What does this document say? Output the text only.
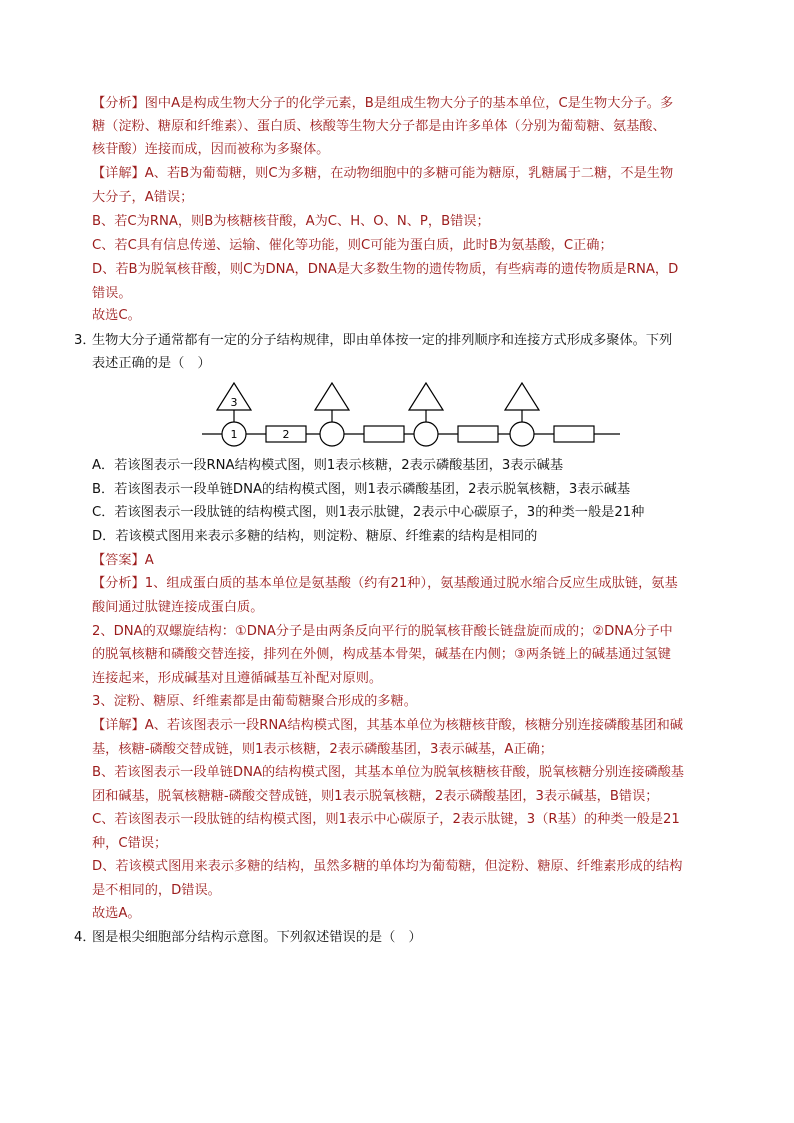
【分析】图中A是构成生物大分子的化学元素，B是组成生物大分子的基本单位，C是生物大分子。多
糖（淀粉、糖原和纤维素）、蛋白质、核酸等生物大分子都是由许多单体（分别为葡萄糖、氨基酸、
核苷酸）连接而成，因而被称为多聚体。
【详解】A、若B为葡萄糖，则C为多糖，在动物细胞中的多糖可能为糖原，乳糖属于二糖，不是生物
大分子，A错误；
B、若C为RNA，则B为核糖核苷酸，A为C、H、O、N、P，B错误；
C、若C具有信息传递、运输、催化等功能，则C可能为蛋白质，此时B为氨基酸，C正确；
D、若B为脱氧核苷酸，则C为DNA，DNA是大多数生物的遗传物质，有些病毒的遗传物质是RNA，D
错误。
故选C。
3．
生物大分子通常都有一定的分子结构规律，即由单体按一定的排列顺序和连接方式形成多聚体。下列
表述正确的是（　）
3
1	2
A．若该图表示一段RNA结构模式图，则1表示核糖，2表示磷酸基团，3表示碱基
B．若该图表示一段单链DNA的结构模式图，则1表示磷酸基团，2表示脱氧核糖，3表示碱基
C．若该图表示一段肽链的结构模式图，则1表示肽键，2表示中心碳原子，3的种类一般是21种
D．若该模式图用来表示多糖的结构，则淀粉、糖原、纤维素的结构是相同的
【答案】A
【分析】1、组成蛋白质的基本单位是氨基酸（约有21种），氨基酸通过脱水缩合反应生成肽链，氨基
酸间通过肽键连接成蛋白质。
2、DNA的双螺旋结构：①DNA分子是由两条反向平行的脱氧核苷酸长链盘旋而成的；②DNA分子中
的脱氧核糖和磷酸交替连接，排列在外侧，构成基本骨架，碱基在内侧；③两条链上的碱基通过氢键
连接起来，形成碱基对且遵循碱基互补配对原则。
3、淀粉、糖原、纤维素都是由葡萄糖聚合形成的多糖。
【详解】A、若该图表示一段RNA结构模式图，其基本单位为核糖核苷酸，核糖分别连接磷酸基团和碱
基，核糖-磷酸交替成链，则1表示核糖，2表示磷酸基团，3表示碱基，A正确；
B、若该图表示一段单链DNA的结构模式图，其基本单位为脱氧核糖核苷酸，脱氧核糖分别连接磷酸基
团和碱基，脱氧核糖糖-磷酸交替成链，则1表示脱氧核糖，2表示磷酸基团，3表示碱基，B错误；
C、若该图表示一段肽链的结构模式图，则1表示中心碳原子，2表示肽键，3（R基）的种类一般是21
种，C错误；
D、若该模式图用来表示多糖的结构，虽然多糖的单体均为葡萄糖，但淀粉、糖原、纤维素形成的结构
是不相同的，D错误。
故选A。
4．
图是根尖细胞部分结构示意图。下列叙述错误的是（　）
